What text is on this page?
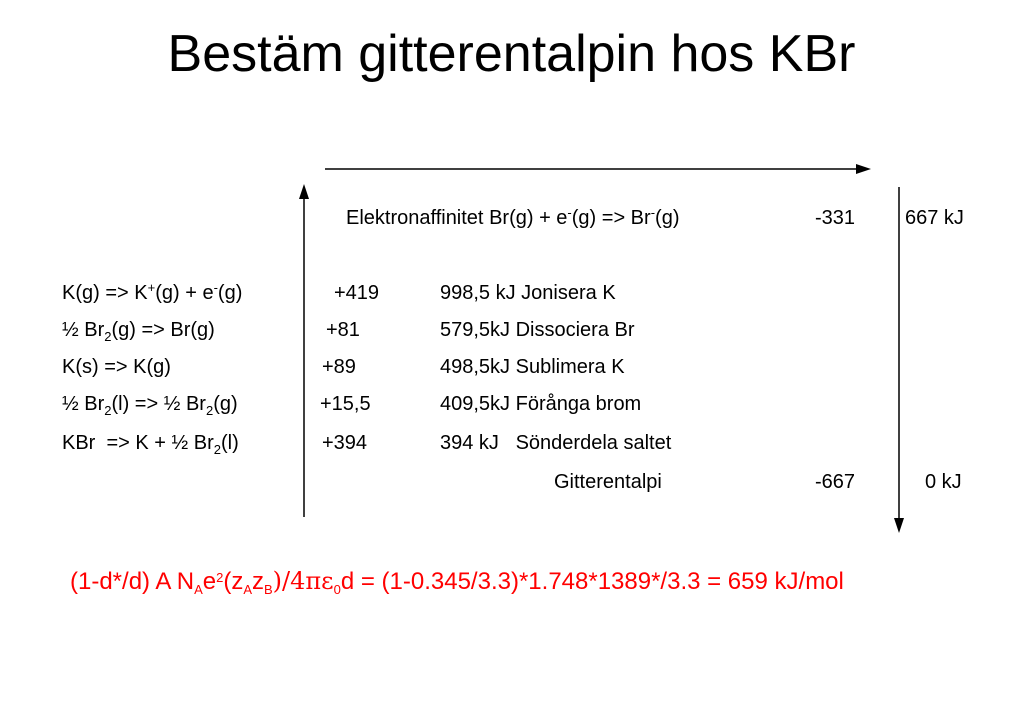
Bestäm gitterentalpin hos KBr
Elektronaffinitet Br(g) + e-(g) => Br-(g)	-331 667 kJ
K(g) => K+(g) + e-(g)	+419	998,5 kJ Jonisera K
½ $Br_2(g) => Br(g)$	+81	579,5kJ Dissociera Br
K(s) => K(g)	+89	498,5kJ Sublimera K
½ $Br_2(l)$ => ½ $Br_2(g)$	+15,5	409,5kJ Förånga brom
KBr  => K + ½ $Br_2(l)$	+394	394 kJ   Sönderdela saltet
Gitterentalpi	-667	0 kJ
(1-d*/d) A $N_Ae^2(z_Az_B)/4\pi\varepsilon_0d = (1-0.345/3.3)*1.748*1389*/3.3 = 659$ kJ/mol
